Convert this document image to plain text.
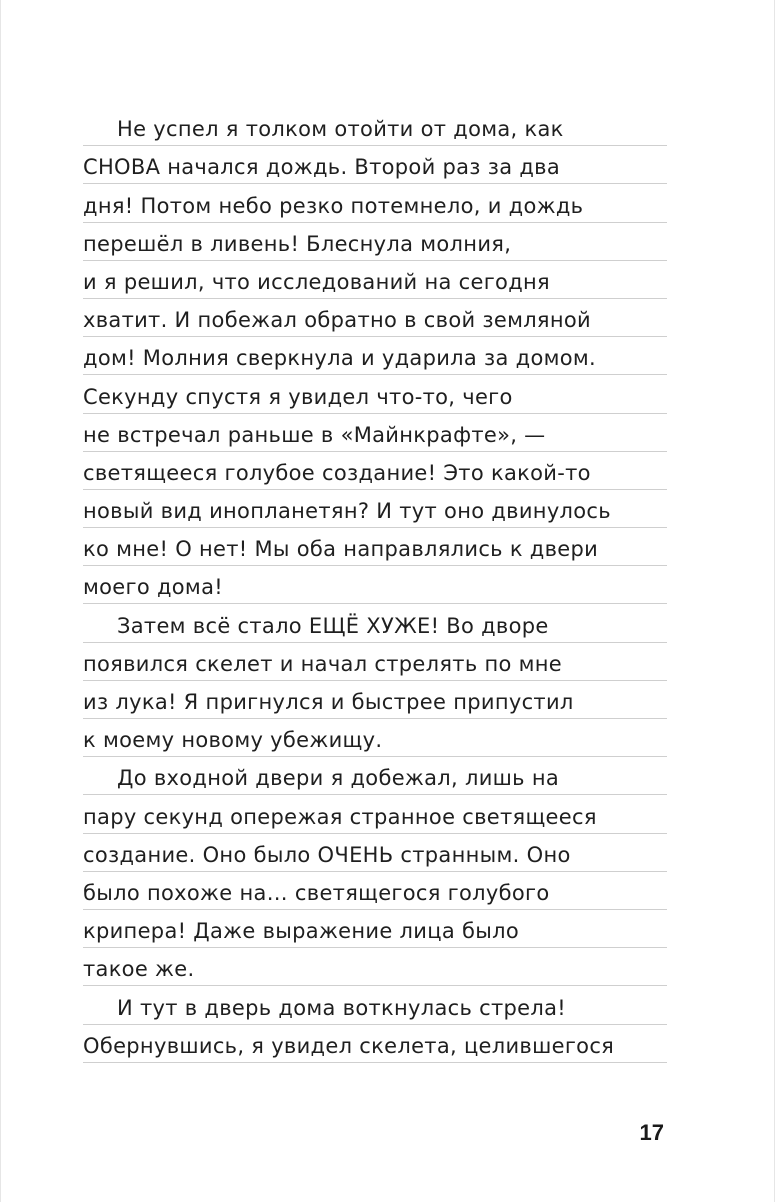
Не успел я толком отойти от дома, как
СНОВА начался дождь. Второй раз за два
дня! Потом небо резко потемнело, и дождь
перешёл в ливень! Блеснула молния,
и я решил, что исследований на сегодня
хватит. И побежал обратно в свой земляной
дом! Молния сверкнула и ударила за домом.
Секунду спустя я увидел что-то, чего
не встречал раньше в «Майнкрафте», —
светящееся голубое создание! Это какой-то
новый вид инопланетян? И тут оно двинулось
ко мне! О нет! Мы оба направлялись к двери
моего дома!
Затем всё стало ЕЩЁ ХУЖЕ! Во дворе
появился скелет и начал стрелять по мне
из лука! Я пригнулся и быстрее припустил
к моему новому убежищу.
До входной двери я добежал, лишь на
пару секунд опережая странное светящееся
создание. Оно было ОЧЕНЬ странным. Оно
было похоже на… светящегося голубого
крипера! Даже выражение лица было
такое же.
И тут в дверь дома воткнулась стрела!
Обернувшись, я увидел скелета, целившегося
17
